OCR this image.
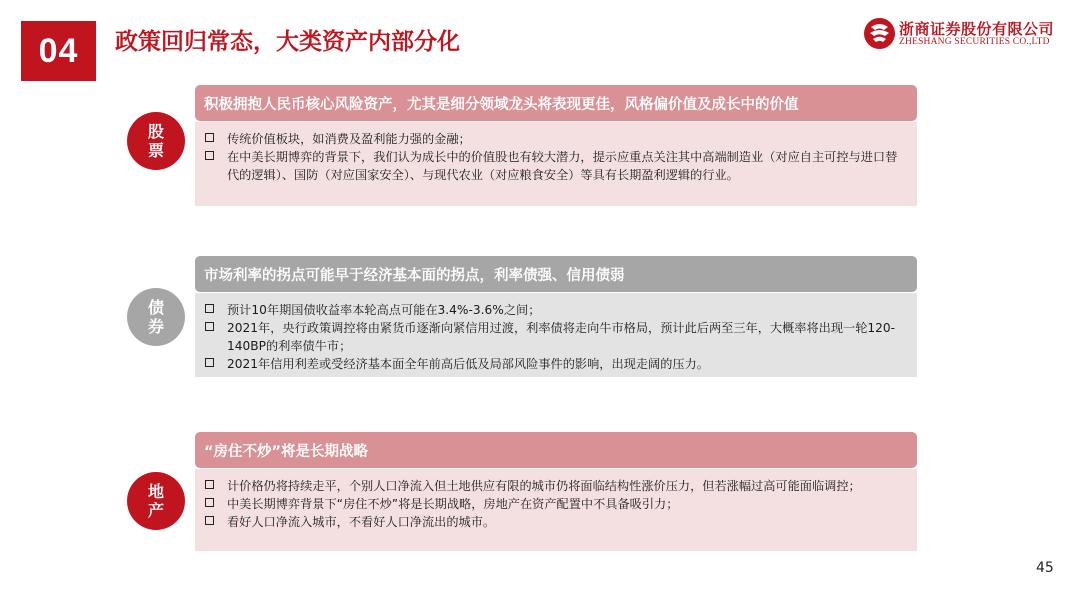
04	政策回归常态，大类资产内部分化	浙商证券股份有限公司
ZHESHANG SECURITIES CO.,LTD
股
票
积极拥抱人民币核心风险资产，尤其是细分领域龙头将表现更佳，风格偏价值及成长中的价值
传统价值板块，如消费及盈利能力强的金融；
在中美长期博弈的背景下，我们认为成长中的价值股也有较大潜力，提示应重点关注其中高端制造业（对应自主可控与进口替代的逻辑）、国防（对应国家安全）、与现代农业（对应粮食安全）等具有长期盈利逻辑的行业。
债
券
市场利率的拐点可能早于经济基本面的拐点，利率债强、信用债弱
预计10年期国债收益率本轮高点可能在3.4%-3.6%之间；
2021年，央行政策调控将由紧货币逐渐向紧信用过渡，利率债将走向牛市格局，预计此后两至三年，大概率将出现一轮120-140BP的利率债牛市；
2021年信用利差或受经济基本面全年前高后低及局部风险事件的影响，出现走阔的压力。
地
产
“房住不炒”将是长期战略
计价格仍将持续走平，个别人口净流入但土地供应有限的城市仍将面临结构性涨价压力，但若涨幅过高可能面临调控；
中美长期博弈背景下“房住不炒”将是长期战略，房地产在资产配置中不具备吸引力；
看好人口净流入城市，不看好人口净流出的城市。
45
